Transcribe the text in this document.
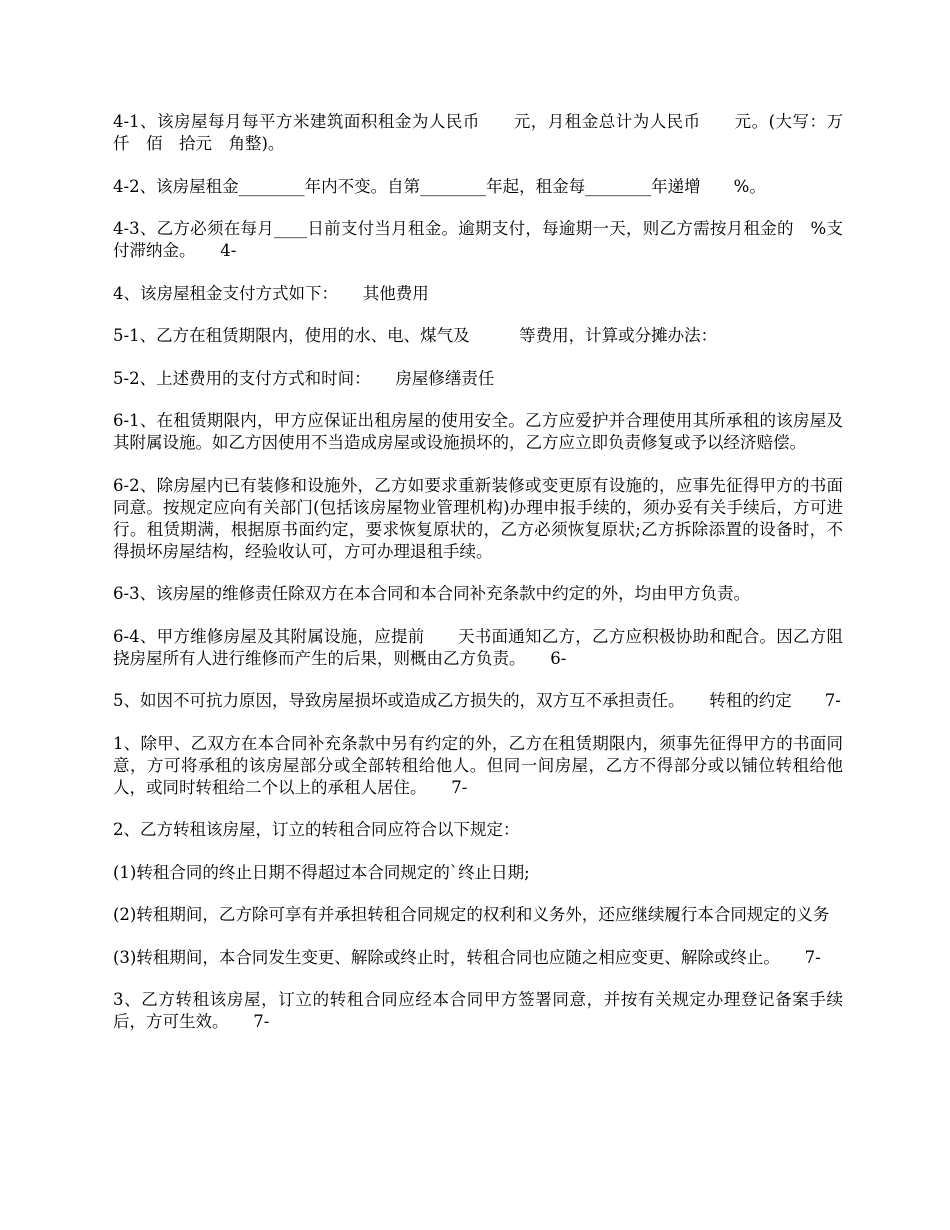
4-1、该房屋每月每平方米建筑面积租金为人民币　　元，月租金总计为人民币　　元。(大写：万　仟　佰　拾元　角整)。

4-2、该房屋租金________年内不变。自第________年起，租金每________年递增　　%。

4-3、乙方必须在每月____日前支付当月租金。逾期支付，每逾期一天，则乙方需按月租金的　%支付滞纳金。　　4-

4、该房屋租金支付方式如下：　　其他费用

5-1、乙方在租赁期限内，使用的水、电、煤气及　　　等费用，计算或分摊办法：

5-2、上述费用的支付方式和时间：　　房屋修缮责任

6-1、在租赁期限内，甲方应保证出租房屋的使用安全。乙方应爱护并合理使用其所承租的该房屋及其附属设施。如乙方因使用不当造成房屋或设施损坏的，乙方应立即负责修复或予以经济赔偿。

6-2、除房屋内已有装修和设施外，乙方如要求重新装修或变更原有设施的，应事先征得甲方的书面同意。按规定应向有关部门(包括该房屋物业管理机构)办理申报手续的，须办妥有关手续后，方可进行。租赁期满，根据原书面约定，要求恢复原状的，乙方必须恢复原状;乙方拆除添置的设备时，不得损坏房屋结构，经验收认可，方可办理退租手续。

6-3、该房屋的维修责任除双方在本合同和本合同补充条款中约定的外，均由甲方负责。

6-4、甲方维修房屋及其附属设施，应提前　　天书面通知乙方，乙方应积极协助和配合。因乙方阻挠房屋所有人进行维修而产生的后果，则概由乙方负责。　　6-

5、如因不可抗力原因，导致房屋损坏或造成乙方损失的，双方互不承担责任。　　转租的约定　　7-

1、除甲、乙双方在本合同补充条款中另有约定的外，乙方在租赁期限内，须事先征得甲方的书面同意，方可将承租的该房屋部分或全部转租给他人。但同一间房屋，乙方不得部分或以铺位转租给他人，或同时转租给二个以上的承租人居住。　　7-

2、乙方转租该房屋，订立的转租合同应符合以下规定：

(1)转租合同的终止日期不得超过本合同规定的`终止日期;

(2)转租期间，乙方除可享有并承担转租合同规定的权利和义务外，还应继续履行本合同规定的义务

(3)转租期间，本合同发生变更、解除或终止时，转租合同也应随之相应变更、解除或终止。　　7-

3、乙方转租该房屋，订立的转租合同应经本合同甲方签署同意，并按有关规定办理登记备案手续后，方可生效。　　7-
